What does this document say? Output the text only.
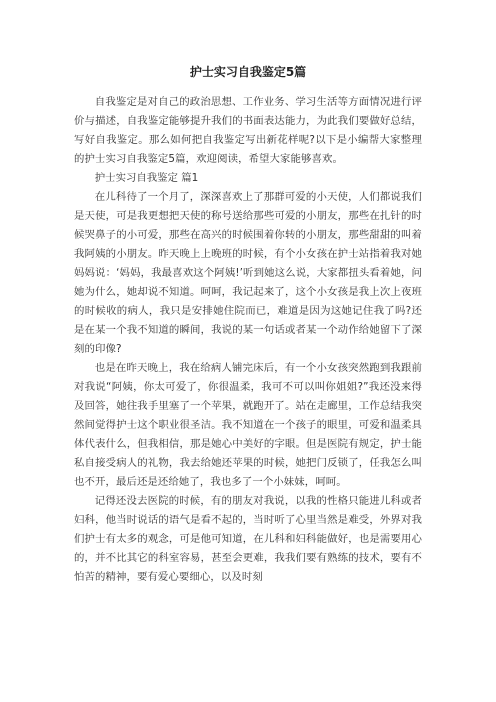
护士实习自我鉴定5篇

自我鉴定是对自己的政治思想、工作业务、学习生活等方面情况进行评价与描述，自我鉴定能够提升我们的书面表达能力，为此我们要做好总结，写好自我鉴定。那么如何把自我鉴定写出新花样呢?以下是小编帮大家整理的护士实习自我鉴定5篇，欢迎阅读，希望大家能够喜欢。

护士实习自我鉴定 篇1

在儿科待了一个月了，深深喜欢上了那群可爱的小天使，人们都说我们是天使，可是我更想把天使的称号送给那些可爱的小朋友，那些在扎针的时候哭鼻子的小可爱，那些在高兴的时候围着你转的小朋友，那些甜甜的叫着我阿姨的小朋友。昨天晚上上晚班的时候，有个小女孩在护士站指着我对她妈妈说：‘妈妈，我最喜欢这个阿姨!’听到她这么说，大家都扭头看着她，问她为什么，她却说不知道。呵呵，我记起来了，这个小女孩是我上次上夜班的时候收的病人，我只是安排她住院而已，难道是因为这她记住我了吗?还是在某一个我不知道的瞬间，我说的某一句话或者某一个动作给她留下了深刻的印像?

也是在昨天晚上，我在给病人铺完床后，有一个小女孩突然跑到我跟前对我说“阿姨，你太可爱了，你很温柔，我可不可以叫你姐姐?”我还没来得及回答，她往我手里塞了一个苹果，就跑开了。站在走廊里，工作总结我突然间觉得护士这个职业很圣洁。我不知道在一个孩子的眼里，可爱和温柔具体代表什么，但我相信，那是她心中美好的字眼。但是医院有规定，护士能私自接受病人的礼物，我去给她还苹果的时候，她把门反锁了，任我怎么叫也不开，最后还是还给她了，我也多了一个小妹妹，呵呵。

记得还没去医院的时候，有的朋友对我说，以我的性格只能进儿科或者妇科，他当时说话的语气是看不起的，当时听了心里当然是难受，外界对我们护士有太多的观念，可是他可知道，在儿科和妇科能做好，也是需要用心的，并不比其它的科室容易，甚至会更难，我我们要有熟练的技术，要有不怕苦的精神，要有爱心要细心，以及时刻
